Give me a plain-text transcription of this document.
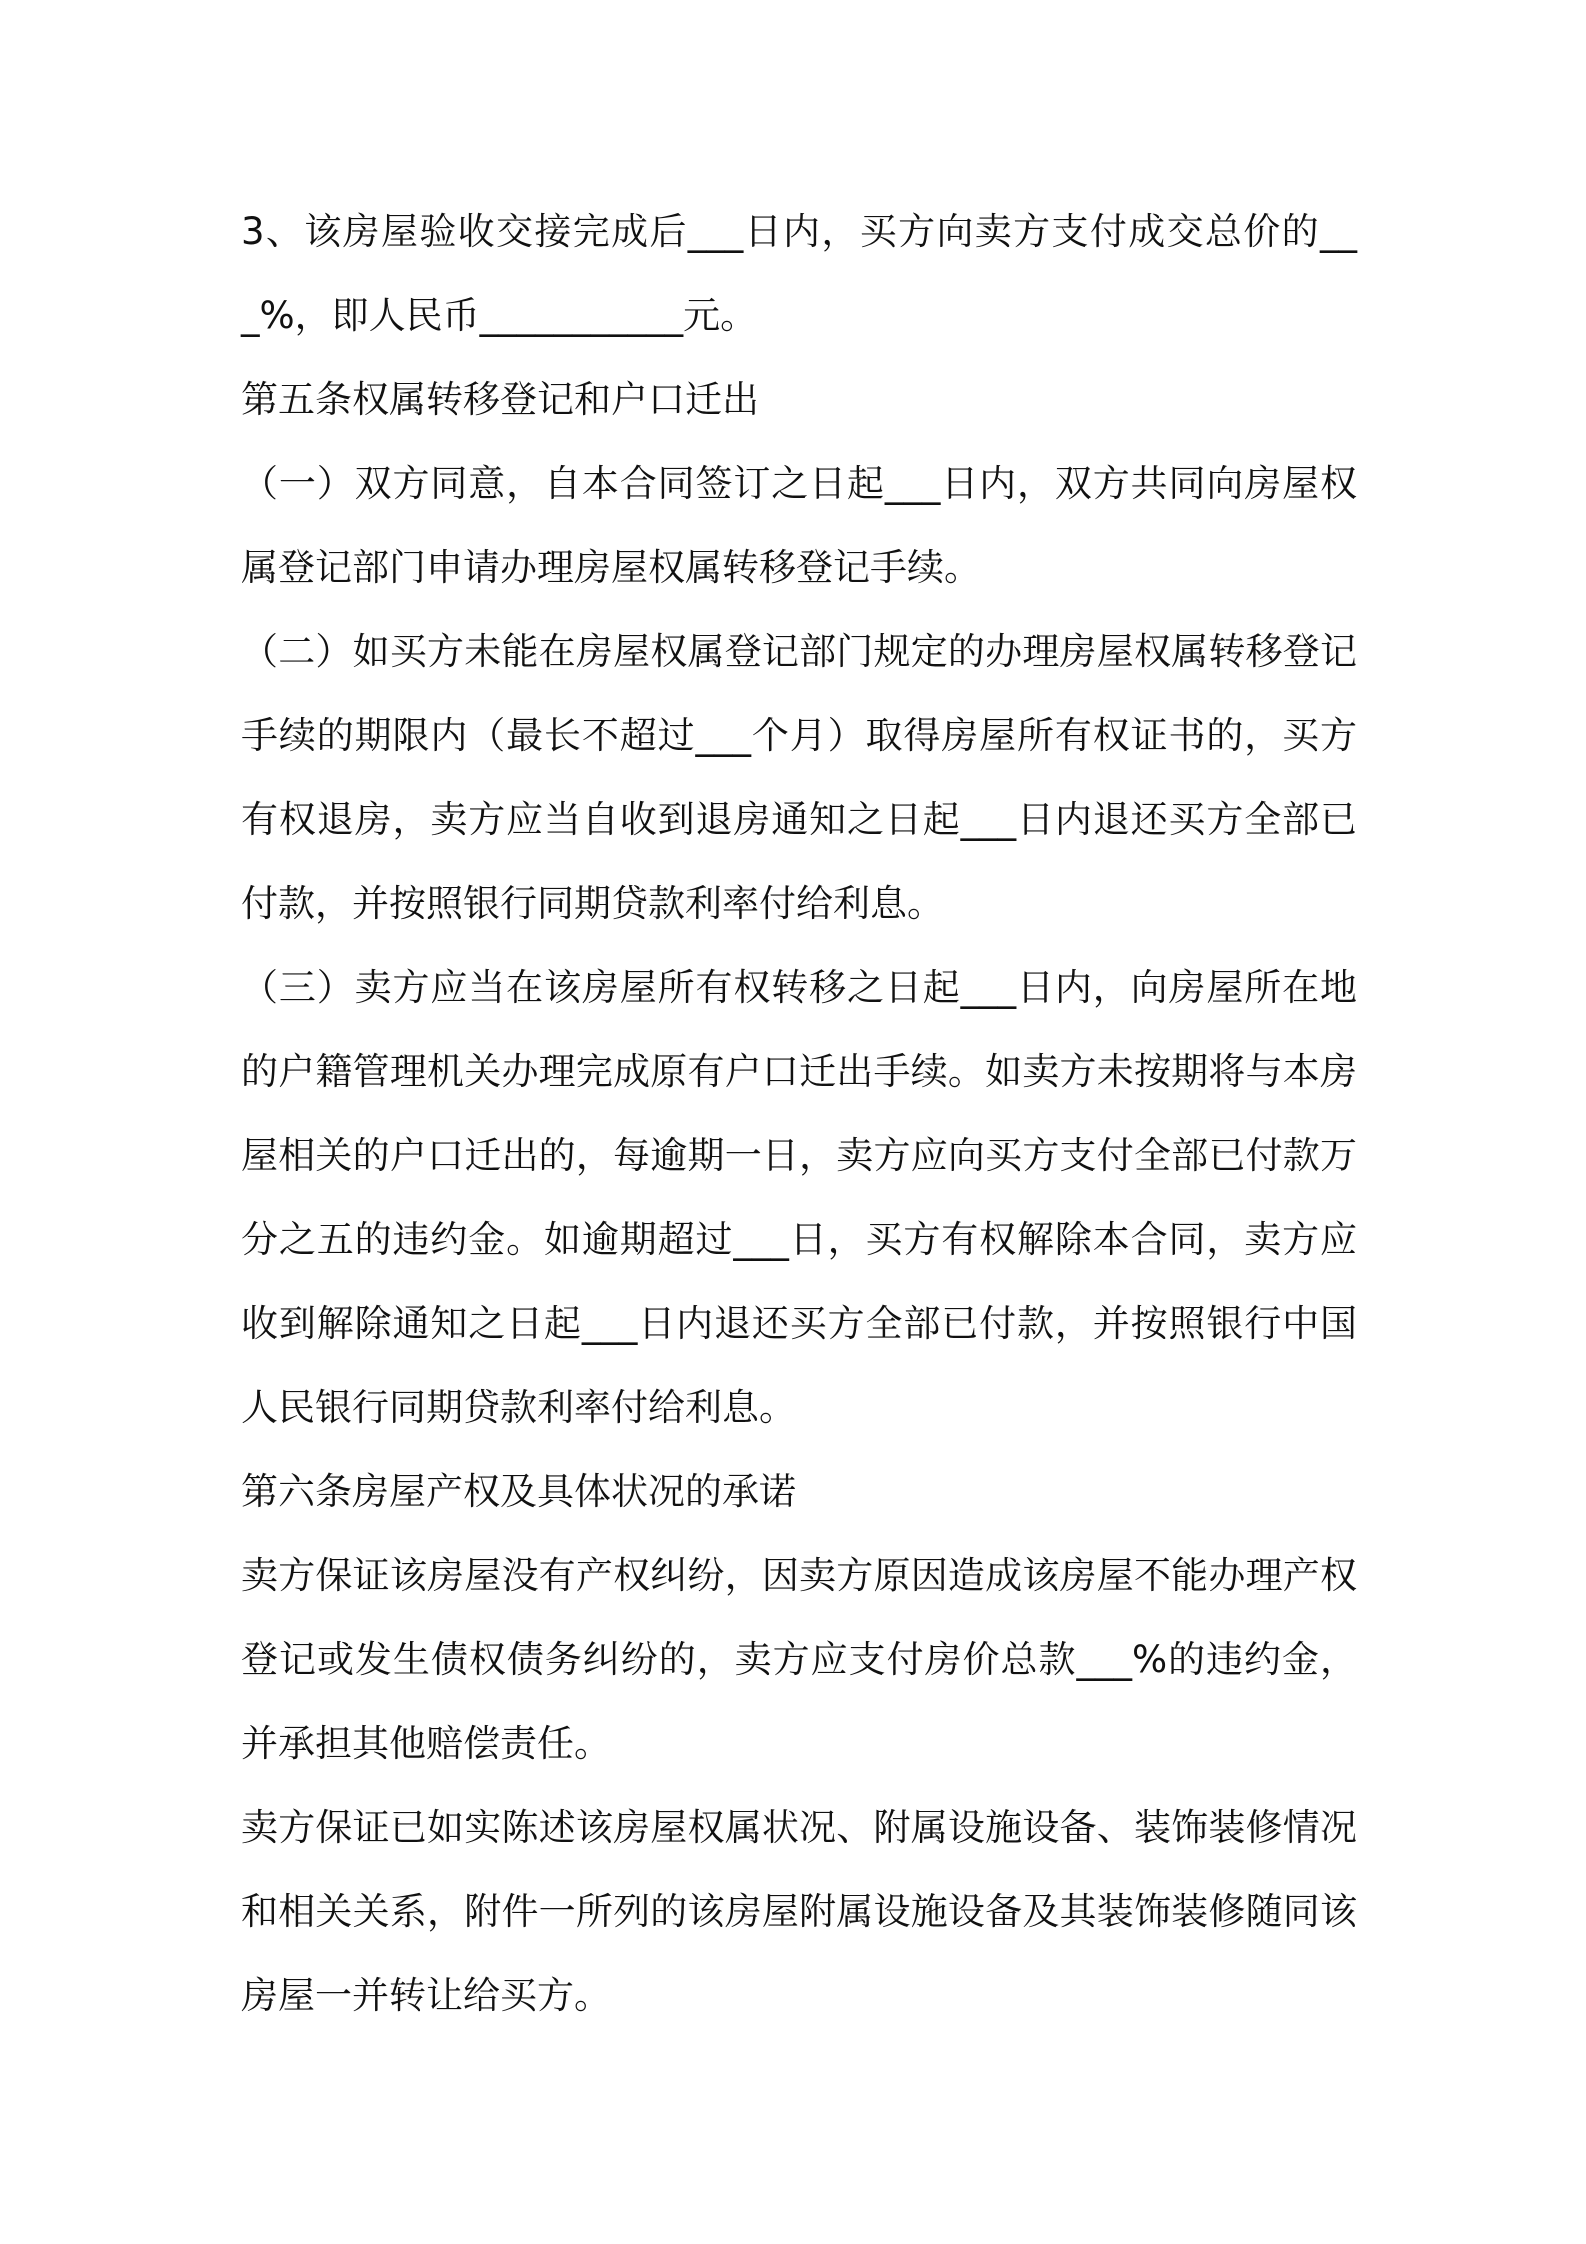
3、该房屋验收交接完成后___日内，买方向卖方支付成交总价的___%，即人民币___________元。

第五条权属转移登记和户口迁出

（一）双方同意，自本合同签订之日起___日内，双方共同向房屋权属登记部门申请办理房屋权属转移登记手续。

（二）如买方未能在房屋权属登记部门规定的办理房屋权属转移登记手续的期限内（最长不超过___个月）取得房屋所有权证书的，买方有权退房，卖方应当自收到退房通知之日起___日内退还买方全部已付款，并按照银行同期贷款利率付给利息。

（三）卖方应当在该房屋所有权转移之日起___日内，向房屋所在地的户籍管理机关办理完成原有户口迁出手续。如卖方未按期将与本房屋相关的户口迁出的，每逾期一日，卖方应向买方支付全部已付款万分之五的违约金。如逾期超过___日，买方有权解除本合同，卖方应收到解除通知之日起___日内退还买方全部已付款，并按照银行中国人民银行同期贷款利率付给利息。

第六条房屋产权及具体状况的承诺

卖方保证该房屋没有产权纠纷，因卖方原因造成该房屋不能办理产权登记或发生债权债务纠纷的，卖方应支付房价总款___%的违约金，并承担其他赔偿责任。

卖方保证已如实陈述该房屋权属状况、附属设施设备、装饰装修情况和相关关系，附件一所列的该房屋附属设施设备及其装饰装修随同该房屋一并转让给买方。
